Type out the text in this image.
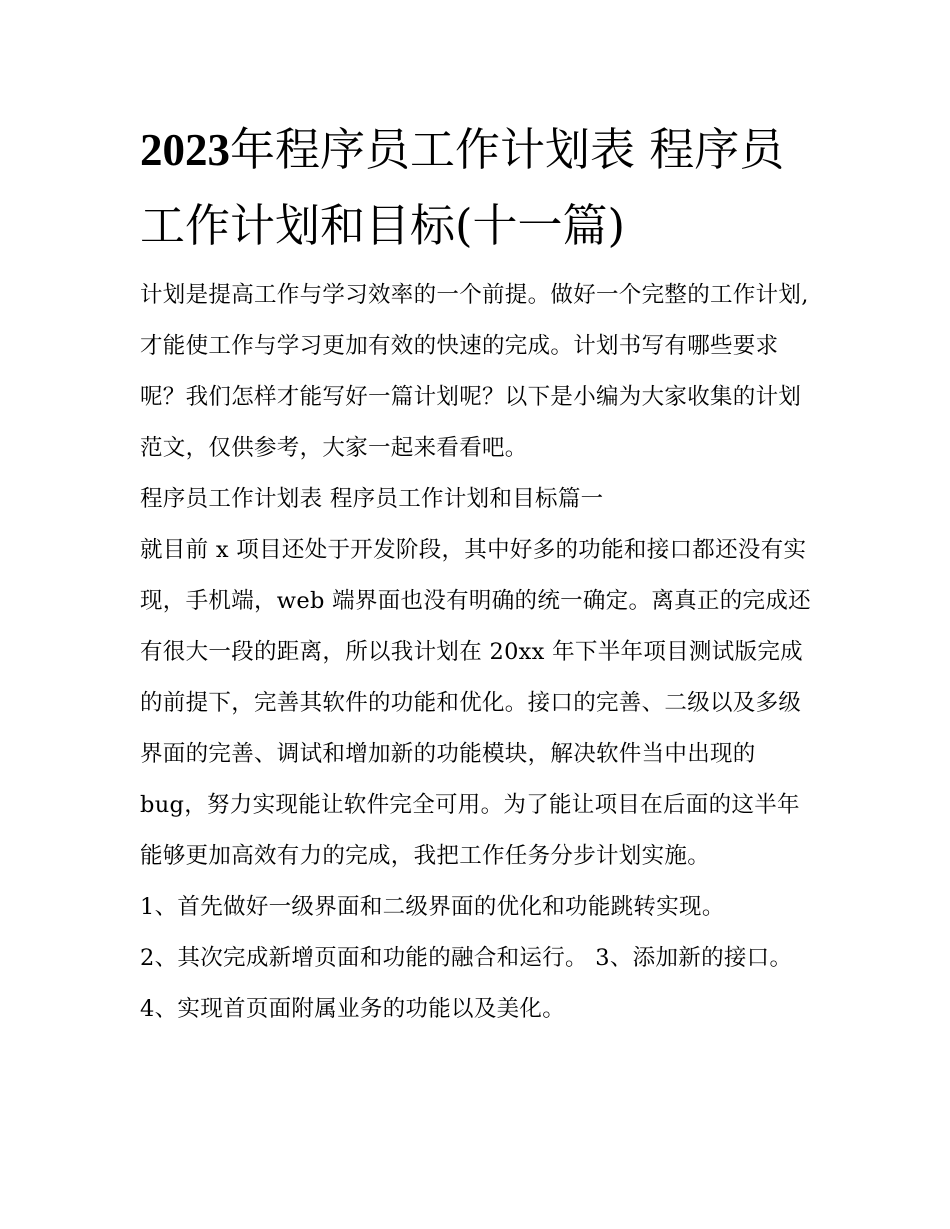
2023年程序员工作计划表 程序员工作计划和目标(十一篇)

计划是提高工作与学习效率的一个前提。做好一个完整的工作计划,才能使工作与学习更加有效的快速的完成。计划书写有哪些要求呢？我们怎样才能写好一篇计划呢？以下是小编为大家收集的计划范文，仅供参考，大家一起来看看吧。

程序员工作计划表 程序员工作计划和目标篇一

就目前 x 项目还处于开发阶段，其中好多的功能和接口都还没有实现，手机端，web 端界面也没有明确的统一确定。离真正的完成还有很大一段的距离，所以我计划在 20xx 年下半年项目测试版完成的前提下，完善其软件的功能和优化。接口的完善、二级以及多级界面的完善、调试和增加新的功能模块，解决软件当中出现的 bug，努力实现能让软件完全可用。为了能让项目在后面的这半年能够更加高效有力的完成，我把工作任务分步计划实施。

1、首先做好一级界面和二级界面的优化和功能跳转实现。

2、其次完成新增页面和功能的融合和运行。 3、添加新的接口。 4、实现首页面附属业务的功能以及美化。
